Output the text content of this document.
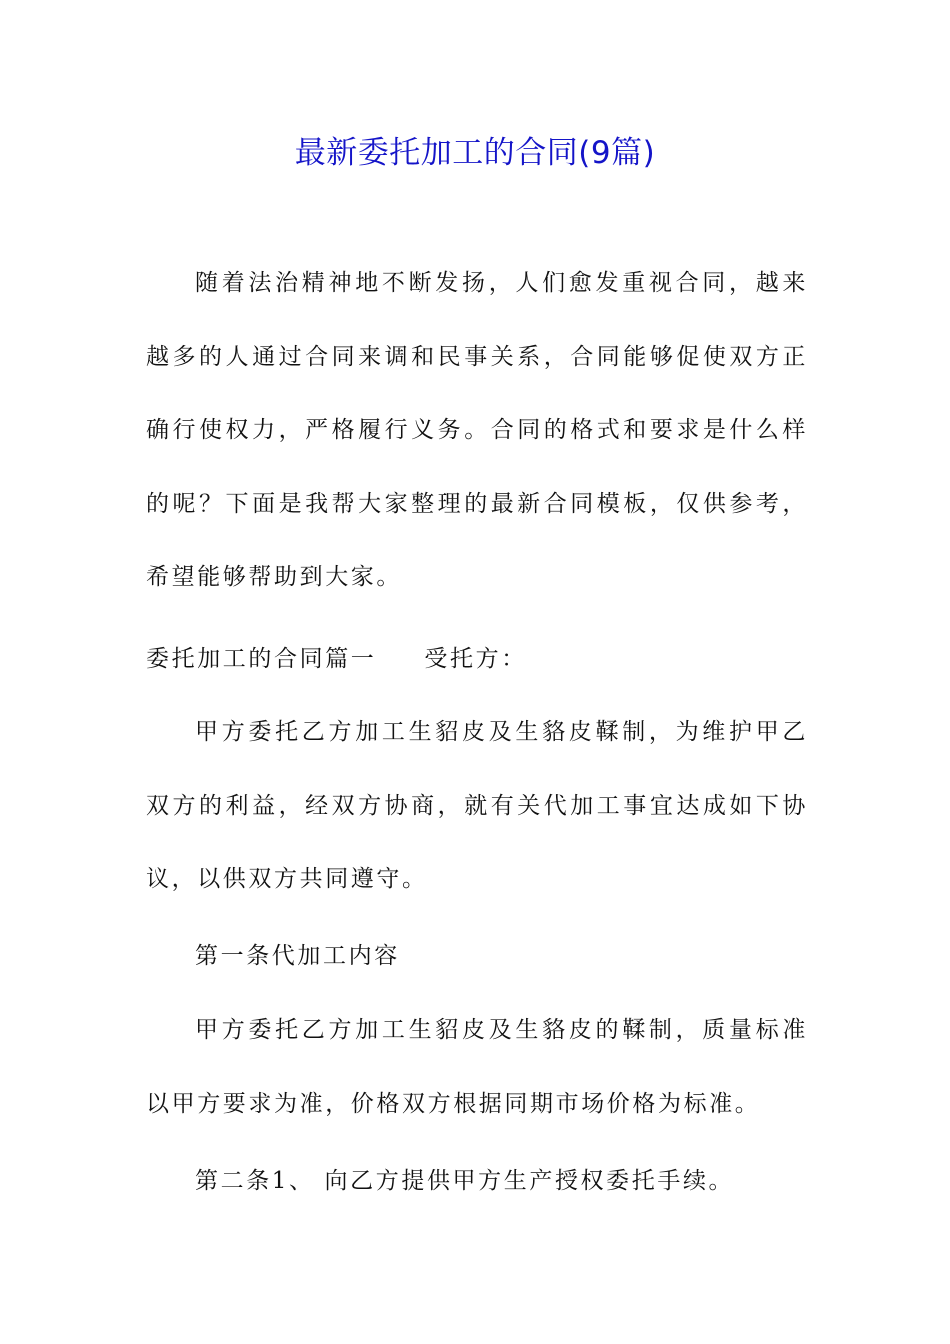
最新委托加工的合同(9篇)

随着法治精神地不断发扬，人们愈发重视合同，越来越多的人通过合同来调和民事关系，合同能够促使双方正确行使权力，严格履行义务。合同的格式和要求是什么样的呢？下面是我帮大家整理的最新合同模板，仅供参考，希望能够帮助到大家。

委托加工的合同篇一 受托方：

甲方委托乙方加工生貂皮及生貉皮鞣制，为维护甲乙双方的利益，经双方协商，就有关代加工事宜达成如下协议，以供双方共同遵守。

第一条代加工内容

甲方委托乙方加工生貂皮及生貉皮的鞣制，质量标准以甲方要求为准，价格双方根据同期市场价格为标准。

第二条1、 向乙方提供甲方生产授权委托手续。
